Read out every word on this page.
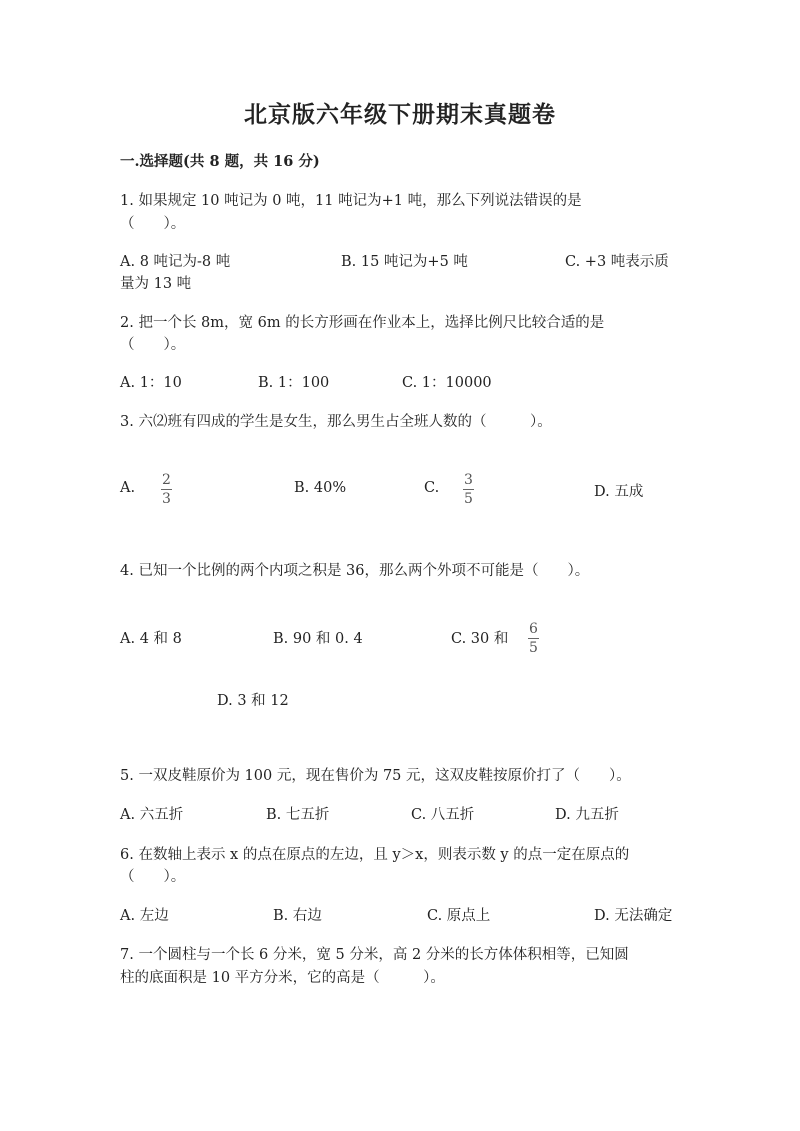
北京版六年级下册期末真题卷
一.选择题(共 8 题，共 16 分)
1. 如果规定 10 吨记为 0 吨，11 吨记为+1 吨，那么下列说法错误的是
（　　）。
A. 8 吨记为-8 吨	B. 15 吨记为+5 吨	C. +3 吨表示质
量为 13 吨
2. 把一个长 8m，宽 6m 的长方形画在作业本上，选择比例尺比较合适的是
（　　）。
A. 1：10	B. 1：100	C. 1：10000
3. 六⑵班有四成的学生是女生，那么男生占全班人数的（　　　）。
A. 2
3
B. 40%	C. 3
5	D. 五成
4. 已知一个比例的两个内项之积是 36，那么两个外项不可能是（　　）。
A. 4 和 8	B. 90 和 0. 4	C. 30 和
6
5
D. 3 和 12
5. 一双皮鞋原价为 100 元，现在售价为 75 元，这双皮鞋按原价打了（　　）。
A. 六五折	B. 七五折	C. 八五折	D. 九五折
6. 在数轴上表示 x 的点在原点的左边，且 y＞x，则表示数 y 的点一定在原点的
（　　）。
A. 左边	B. 右边	C. 原点上	D. 无法确定
7. 一个圆柱与一个长 6 分米，宽 5 分米，高 2 分米的长方体体积相等，已知圆
柱的底面积是 10 平方分米，它的高是（　　　）。
